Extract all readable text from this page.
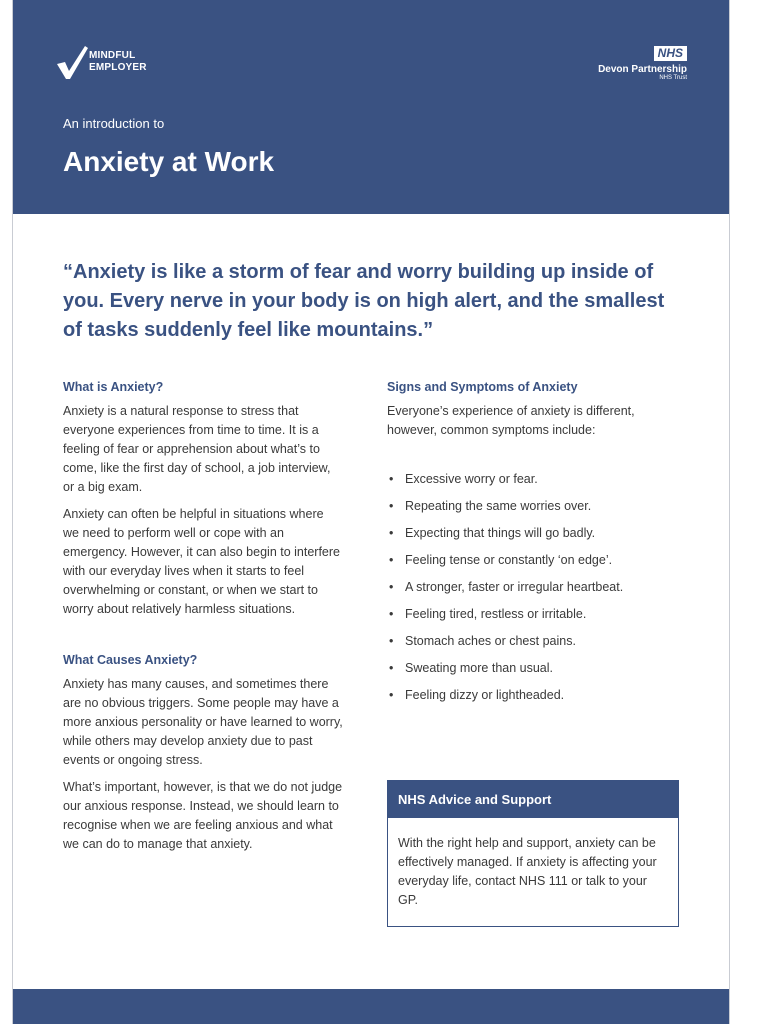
MINDFUL
EMPLOYER
NHS
Devon Partnership
NHS Trust
An introduction to
Anxiety at Work

“Anxiety is like a storm of fear and worry building up inside of you. Every nerve in your body is on high alert, and the smallest of tasks suddenly feel like mountains.”

What is Anxiety?

Anxiety is a natural response to stress that everyone experiences from time to time. It is a feeling of fear or apprehension about what’s to come, like the first day of school, a job interview, or a big exam.

Anxiety can often be helpful in situations where we need to perform well or cope with an emergency. However, it can also begin to interfere with our everyday lives when it starts to feel overwhelming or constant, or when we start to worry about relatively harmless situations.

What Causes Anxiety?

Anxiety has many causes, and sometimes there are no obvious triggers. Some people may have a more anxious personality or have learned to worry, while others may develop anxiety due to past events or ongoing stress.

What’s important, however, is that we do not judge our anxious response. Instead, we should learn to recognise when we are feeling anxious and what we can do to manage that anxiety.

Signs and Symptoms of Anxiety

Everyone’s experience of anxiety is different, however, common symptoms include:

• Excessive worry or fear.
• Repeating the same worries over.
• Expecting that things will go badly.
• Feeling tense or constantly ‘on edge’.
• A stronger, faster or irregular heartbeat.
• Feeling tired, restless or irritable.
• Stomach aches or chest pains.
• Sweating more than usual.
• Feeling dizzy or lightheaded.
NHS Advice and Support

With the right help and support, anxiety can be effectively managed. If anxiety is affecting your everyday life, contact NHS 111 or talk to your GP.
